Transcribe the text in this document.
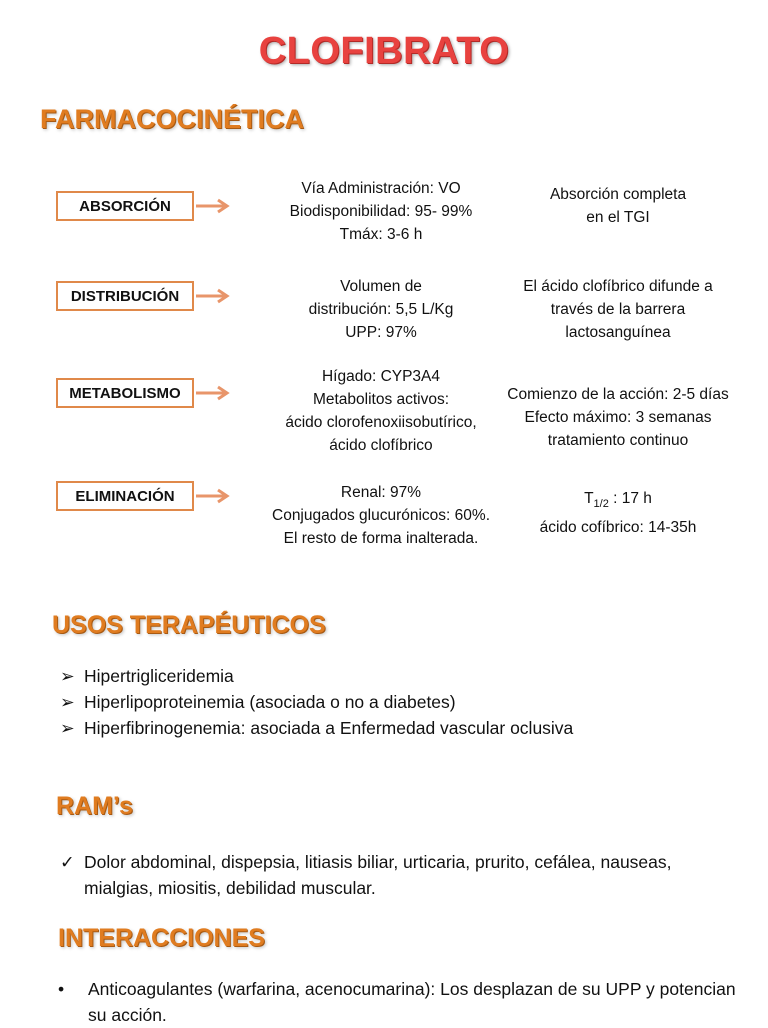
CLOFIBRATO
FARMACOCINÉTICA
ABSORCIÓN
Vía Administración: VO
Biodisponibilidad: 95- 99%
Tmáx: 3-6 h
Absorción completa
en el TGI
DISTRIBUCIÓN
Volumen de
distribución: 5,5 L/Kg
UPP: 97%
El ácido clofíbrico difunde a
través de la barrera
lactosanguínea
METABOLISMO
Hígado: CYP3A4
Metabolitos activos:
ácido clorofenoxiisobutírico,
ácido clofíbrico
Comienzo de la acción: 2-5 días
Efecto máximo: 3 semanas
tratamiento continuo
ELIMINACIÓN	Renal: 97%
Conjugados glucurónicos: 60%.
El resto de forma inalterada.
$T_{1/2}$ : 17 h
ácido cofíbrico: 14-35h
USOS TERAPÉUTICOS
➢ Hipertrigliceridemia
➢ Hiperlipoproteinemia (asociada o no a diabetes)
➢ Hiperfibrinogenemia: asociada a Enfermedad vascular oclusiva
RAM’s
✓ Dolor abdominal, dispepsia, litiasis biliar, urticaria, prurito, cefálea, nauseas, mialgias, miositis, debilidad muscular.
INTERACCIONES
•	Anticoagulantes (warfarina, acenocumarina): Los desplazan de su UPP y potencian su acción.
